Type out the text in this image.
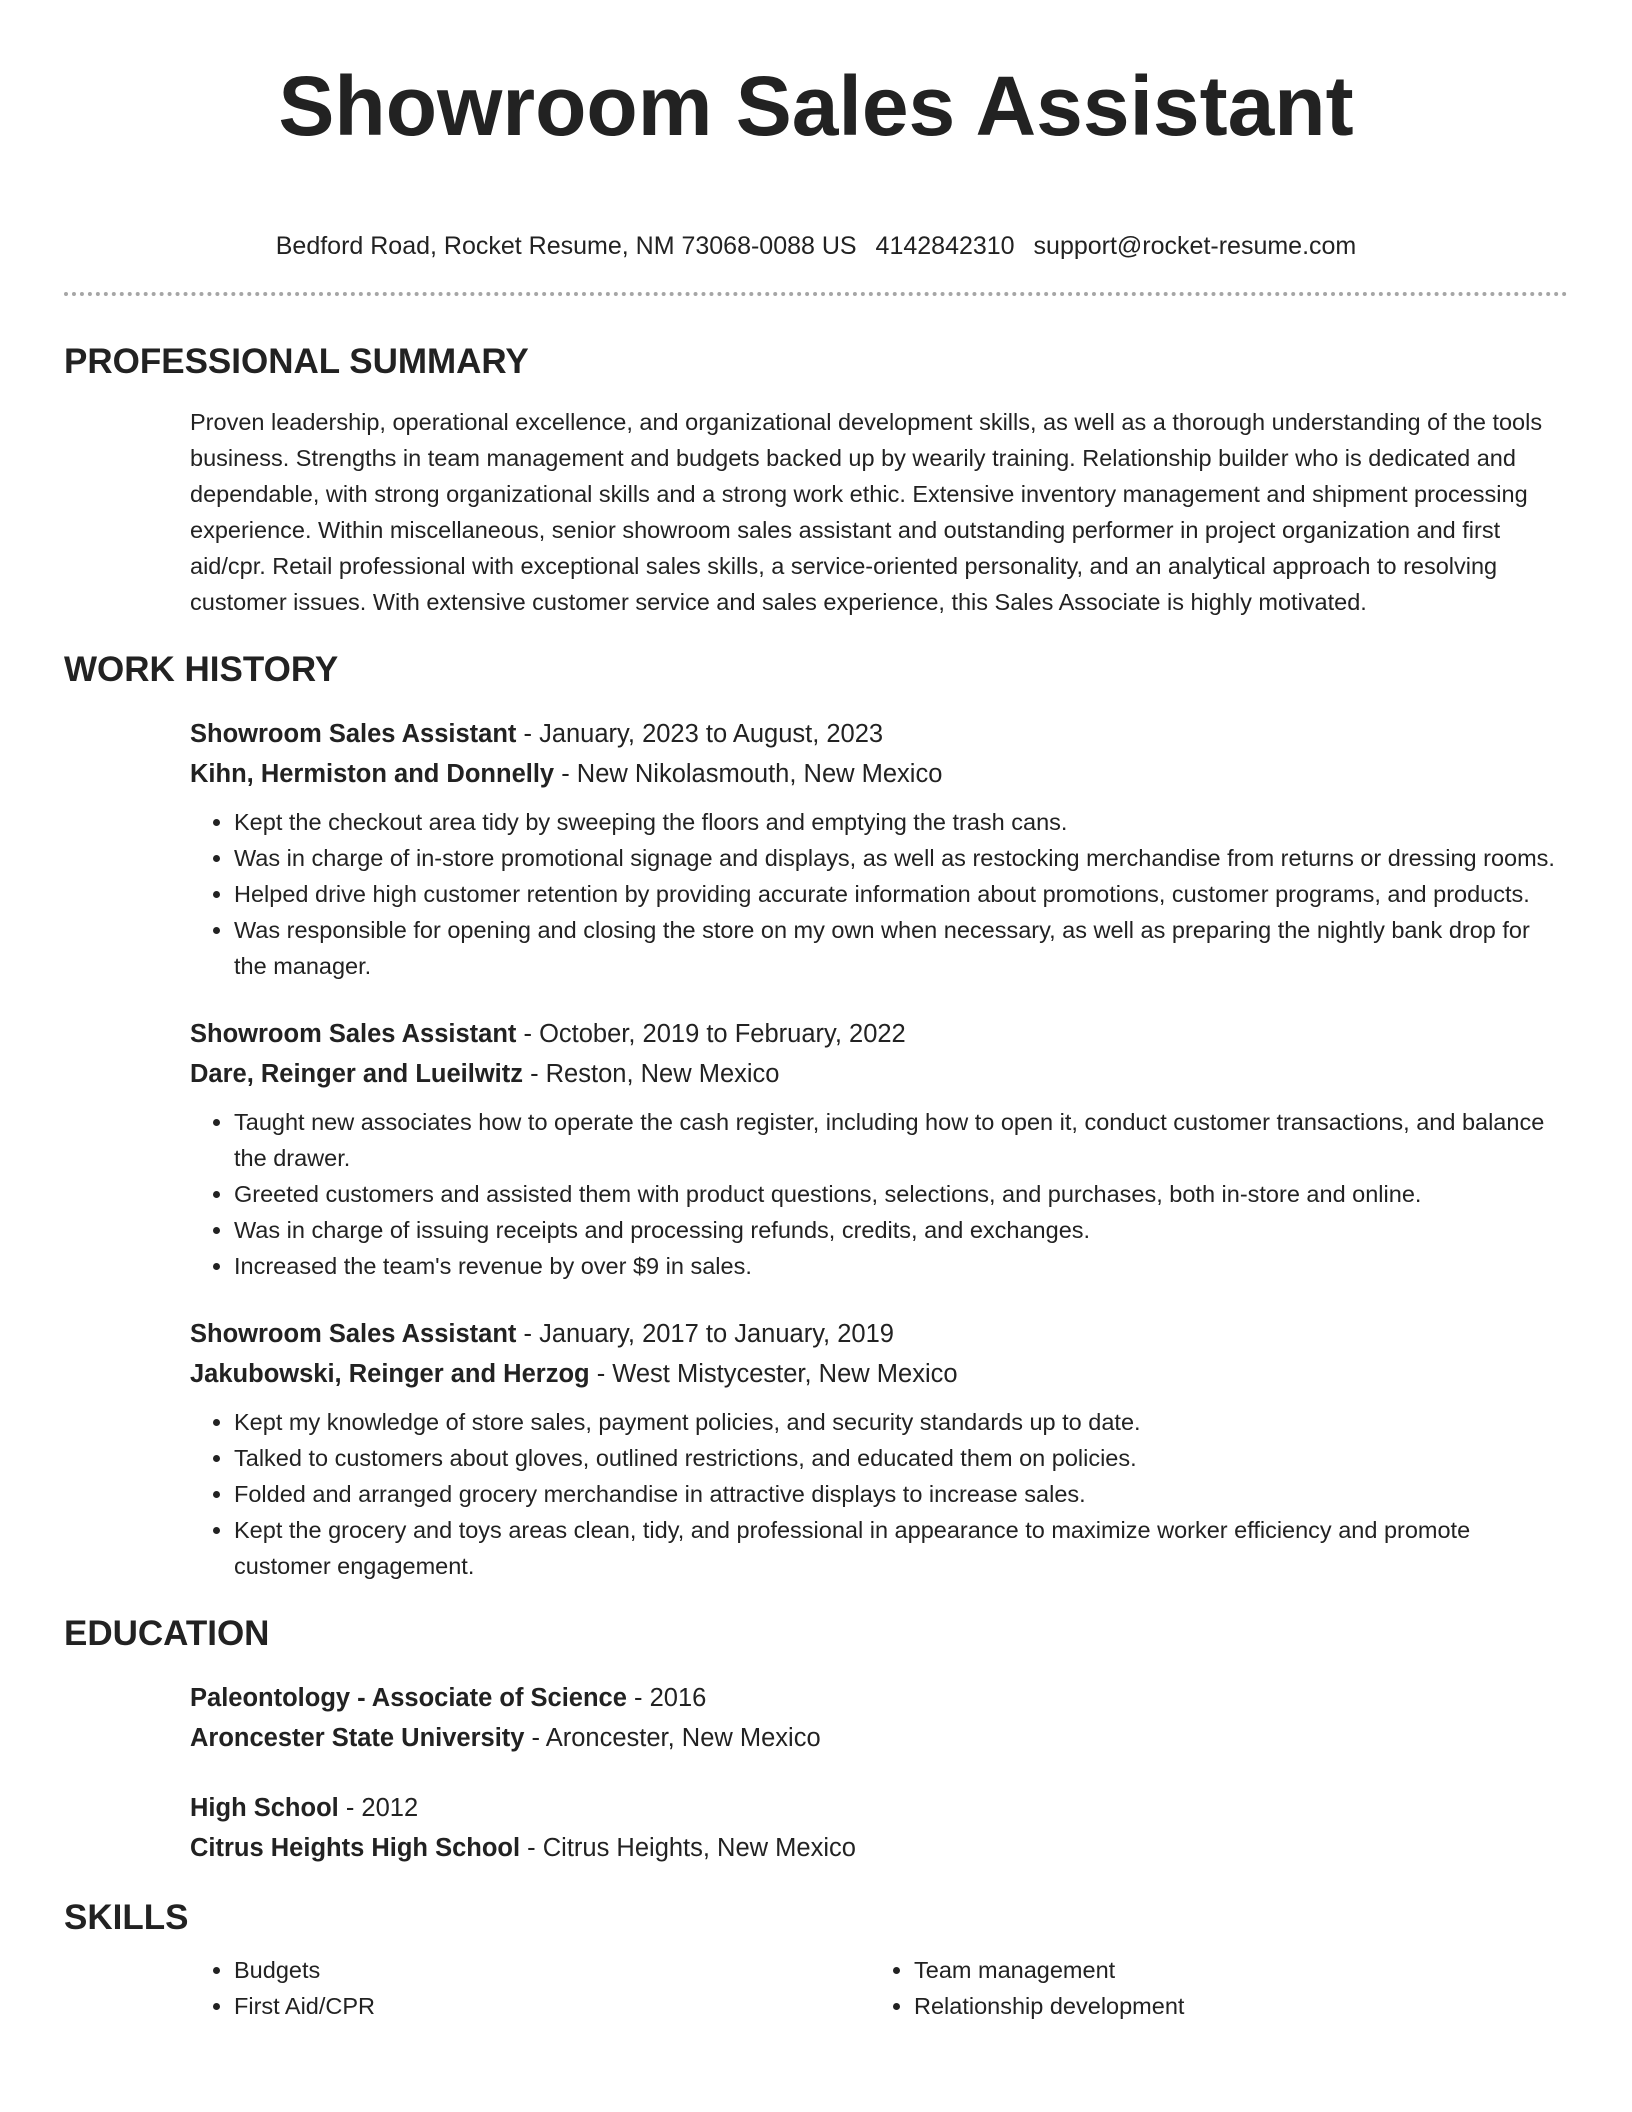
Showroom Sales Assistant
Bedford Road, Rocket Resume, NM 73068-0088 US 4142842310 support@rocket-resume.com
PROFESSIONAL SUMMARY

Proven leadership, operational excellence, and organizational development skills, as well as a thorough understanding of the tools business. Strengths in team management and budgets backed up by wearily training. Relationship builder who is dedicated and dependable, with strong organizational skills and a strong work ethic. Extensive inventory management and shipment processing experience. Within miscellaneous, senior showroom sales assistant and outstanding performer in project organization and first aid/cpr. Retail professional with exceptional sales skills, a service-oriented personality, and an analytical approach to resolving customer issues. With extensive customer service and sales experience, this Sales Associate is highly motivated.

WORK HISTORY

Showroom Sales Assistant - January, 2023 to August, 2023

Kihn, Hermiston and Donnelly - New Nikolasmouth, New Mexico

• Kept the checkout area tidy by sweeping the floors and emptying the trash cans.
• Was in charge of in-store promotional signage and displays, as well as restocking merchandise from returns or dressing rooms.
• Helped drive high customer retention by providing accurate information about promotions, customer programs, and products.
• Was responsible for opening and closing the store on my own when necessary, as well as preparing the nightly bank drop for the manager.

Showroom Sales Assistant - October, 2019 to February, 2022

Dare, Reinger and Lueilwitz - Reston, New Mexico

• Taught new associates how to operate the cash register, including how to open it, conduct customer transactions, and balance the drawer.
• Greeted customers and assisted them with product questions, selections, and purchases, both in-store and online.
• Was in charge of issuing receipts and processing refunds, credits, and exchanges.
• Increased the team's revenue by over $9 in sales.

Showroom Sales Assistant - January, 2017 to January, 2019

Jakubowski, Reinger and Herzog - West Mistycester, New Mexico

• Kept my knowledge of store sales, payment policies, and security standards up to date.
• Talked to customers about gloves, outlined restrictions, and educated them on policies.
• Folded and arranged grocery merchandise in attractive displays to increase sales.
• Kept the grocery and toys areas clean, tidy, and professional in appearance to maximize worker efficiency and promote customer engagement.
EDUCATION

Paleontology - Associate of Science - 2016

Aroncester State University - Aroncester, New Mexico

High School - 2012

Citrus Heights High School - Citrus Heights, New Mexico

SKILLS
• Budgets	• Team management
• First Aid/CPR	• Relationship development
